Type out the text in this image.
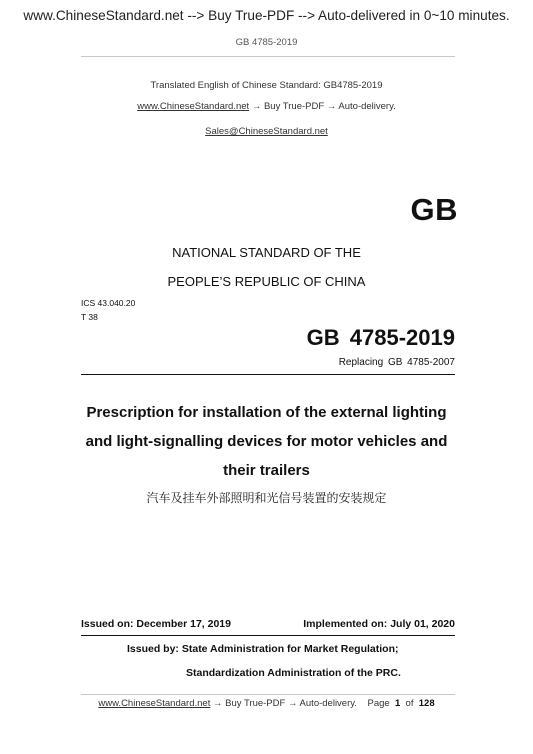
www.ChineseStandard.net --> Buy True-PDF --> Auto-delivered in 0~10 minutes.
GB 4785-2019
Translated English of Chinese Standard: GB4785-2019
www.ChineseStandard.net → Buy True-PDF → Auto-delivery.
Sales@ChineseStandard.net
GB
NATIONAL STANDARD OF THE
PEOPLE’S REPUBLIC OF CHINA
ICS 43.040.20
T 38
GB 4785-2019
Replacing GB 4785-2007
Prescription for installation of the external lighting
and light-signalling devices for motor vehicles and
their trailers
汽车及挂车外部照明和光信号装置的安装规定
Issued on: December 17, 2019	Implemented on: July 01, 2020
Issued by: State Administration for Market Regulation;
Standardization Administration of the PRC.
www.ChineseStandard.net → Buy True-PDF → Auto-delivery. Page 1 of 128
